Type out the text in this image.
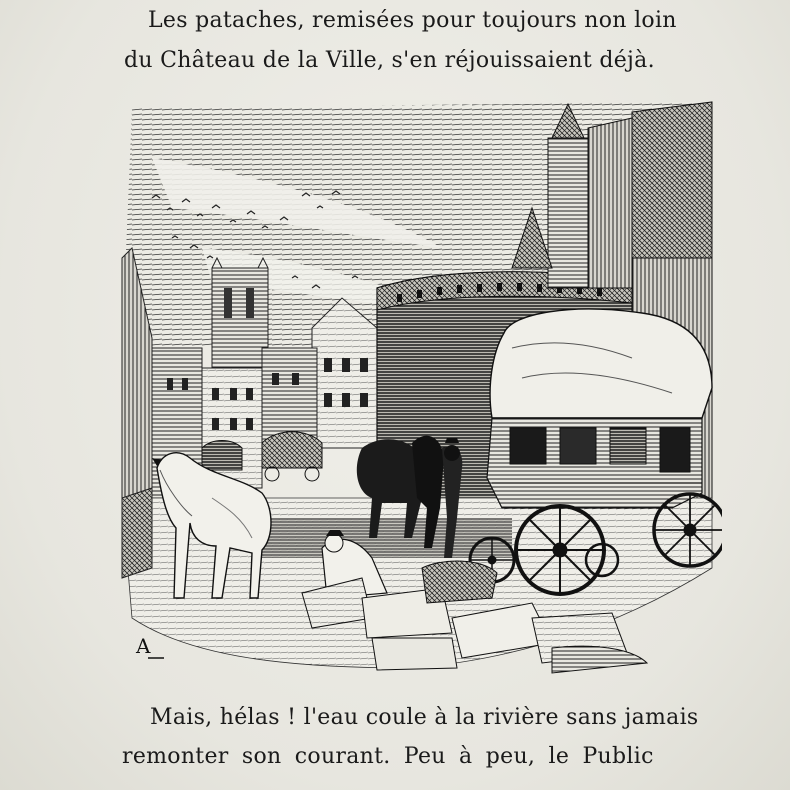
Les pataches, remisées pour toujours non loin

du Château de la Ville, s'en réjouissaient déjà.

A

Mais, hélas ! l'eau coule à la rivière sans jamais

remonter son courant. Peu à peu, le Public
